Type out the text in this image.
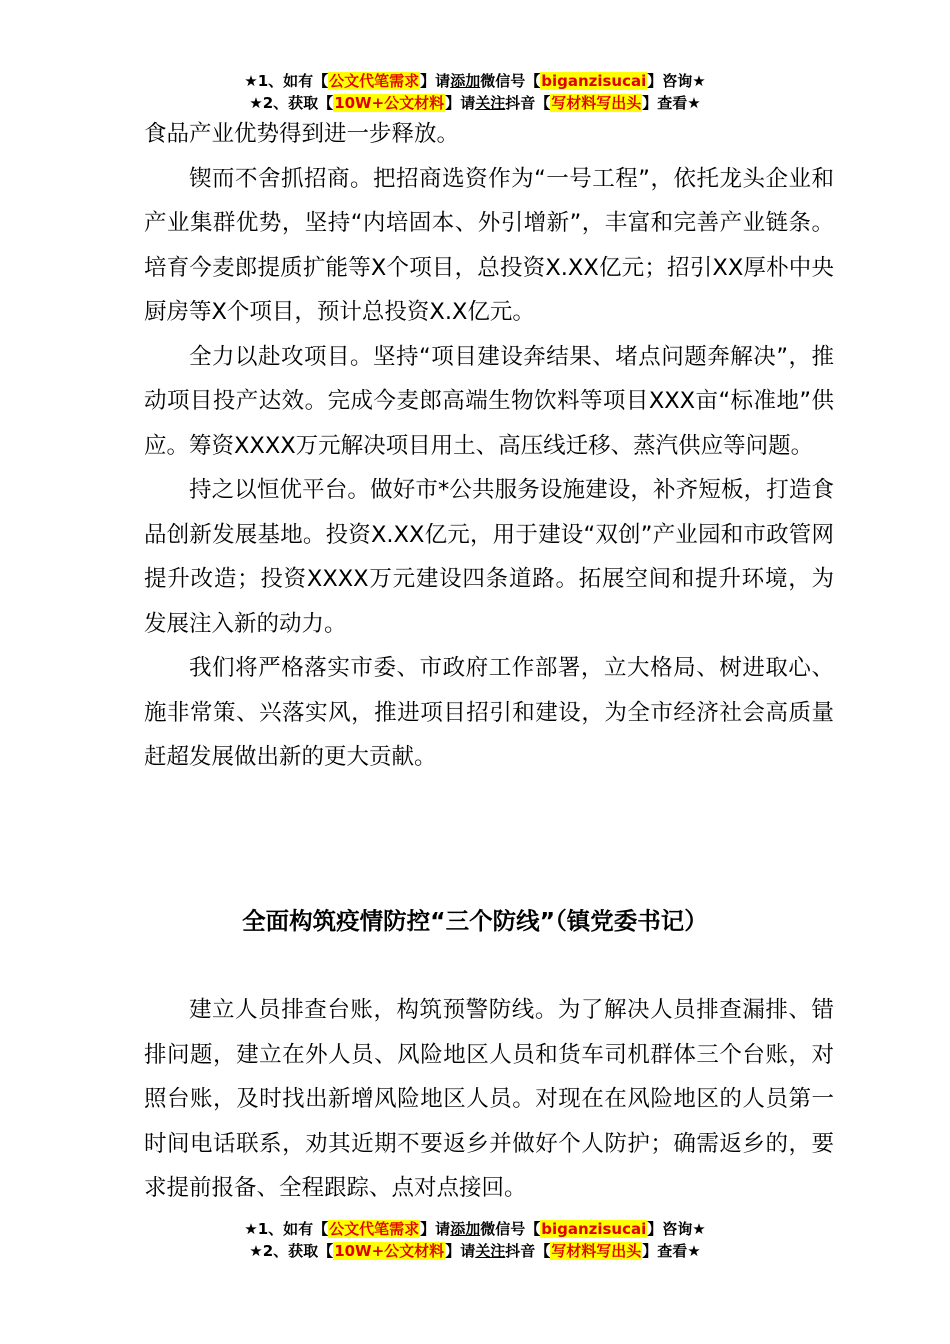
★1、如有【公文代笔需求】请添加微信号【biganzisucai】咨询★
★2、获取【10W+公文材料】请关注抖音【写材料写出头】查看★

食品产业优势得到进一步释放。

锲而不舍抓招商。把招商选资作为“一号工程”，依托龙头企业和产业集群优势，坚持“内培固本、外引增新”，丰富和完善产业链条。培育今麦郎提质扩能等X个项目，总投资X.XX亿元；招引XX厚朴中央厨房等X个项目，预计总投资X.X亿元。

全力以赴攻项目。坚持“项目建设奔结果、堵点问题奔解决”，推动项目投产达效。完成今麦郎高端生物饮料等项目XXX亩“标准地”供应。筹资XXXX万元解决项目用土、高压线迁移、蒸汽供应等问题。

持之以恒优平台。做好市*公共服务设施建设，补齐短板，打造食品创新发展基地。投资X.XX亿元，用于建设“双创”产业园和市政管网提升改造；投资XXXX万元建设四条道路。拓展空间和提升环境，为发展注入新的动力。

我们将严格落实市委、市政府工作部署，立大格局、树进取心、施非常策、兴落实风，推进项目招引和建设，为全市经济社会高质量赶超发展做出新的更大贡献。

全面构筑疫情防控“三个防线”（镇党委书记）

建立人员排查台账，构筑预警防线。为了解决人员排查漏排、错排问题，建立在外人员、风险地区人员和货车司机群体三个台账，对照台账，及时找出新增风险地区人员。对现在在风险地区的人员第一时间电话联系，劝其近期不要返乡并做好个人防护；确需返乡的，要求提前报备、全程跟踪、点对点接回。

★1、如有【公文代笔需求】请添加微信号【biganzisucai】咨询★
★2、获取【10W+公文材料】请关注抖音【写材料写出头】查看★
